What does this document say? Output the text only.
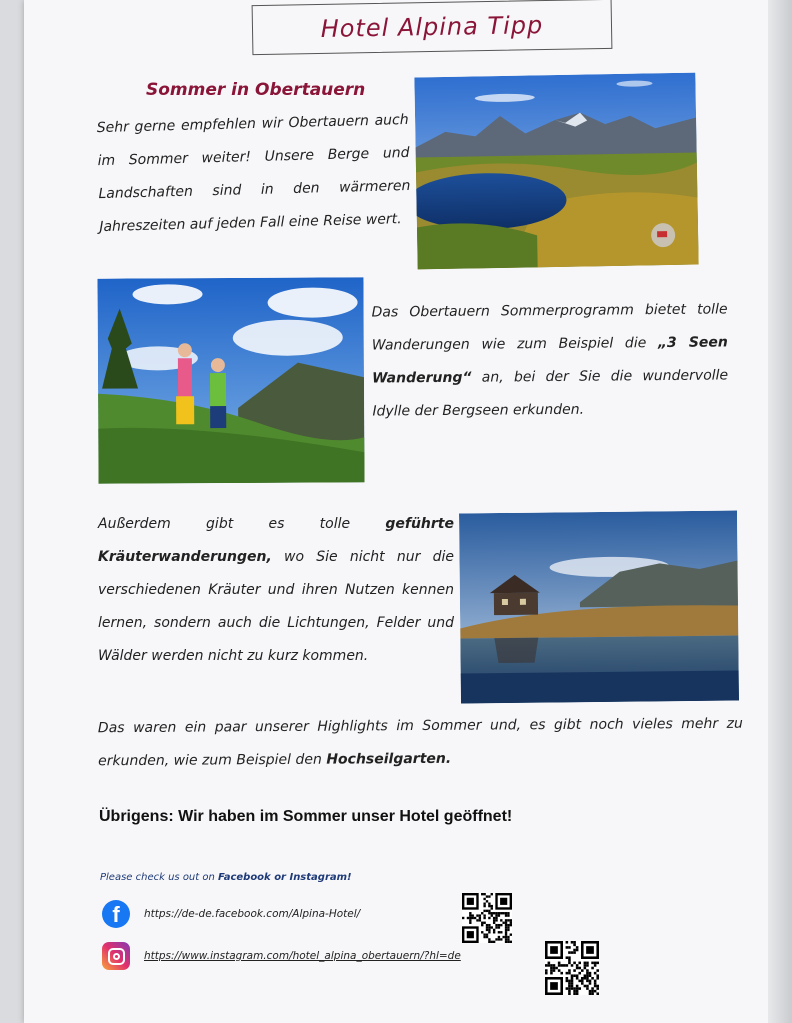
Hotel Alpina Tipp
Sommer in Obertauern

Sehr gerne empfehlen wir Obertauern auch im Sommer weiter! Unsere Berge und Landschaften sind in den wärmeren Jahreszeiten auf jeden Fall eine Reise wert.

Das Obertauern Sommerprogramm bietet tolle Wanderungen wie zum Beispiel die „3 Seen Wanderung“ an, bei der Sie die wundervolle Idylle der Bergseen erkunden.

Außerdem gibt es tolle geführte Kräuterwanderungen, wo Sie nicht nur die verschiedenen Kräuter und ihren Nutzen kennen lernen, sondern auch die Lichtungen, Felder und Wälder werden nicht zu kurz kommen.

Das waren ein paar unserer Highlights im Sommer und, es gibt noch vieles mehr zu erkunden, wie zum Beispiel den Hochseilgarten.

Übrigens: Wir haben im Sommer unser Hotel geöffnet!
Please check us out on Facebook or Instagram!
f	https://de-de.facebook.com/Alpina-Hotel/
https://www.instagram.com/hotel_alpina_obertauern/?hl=de
